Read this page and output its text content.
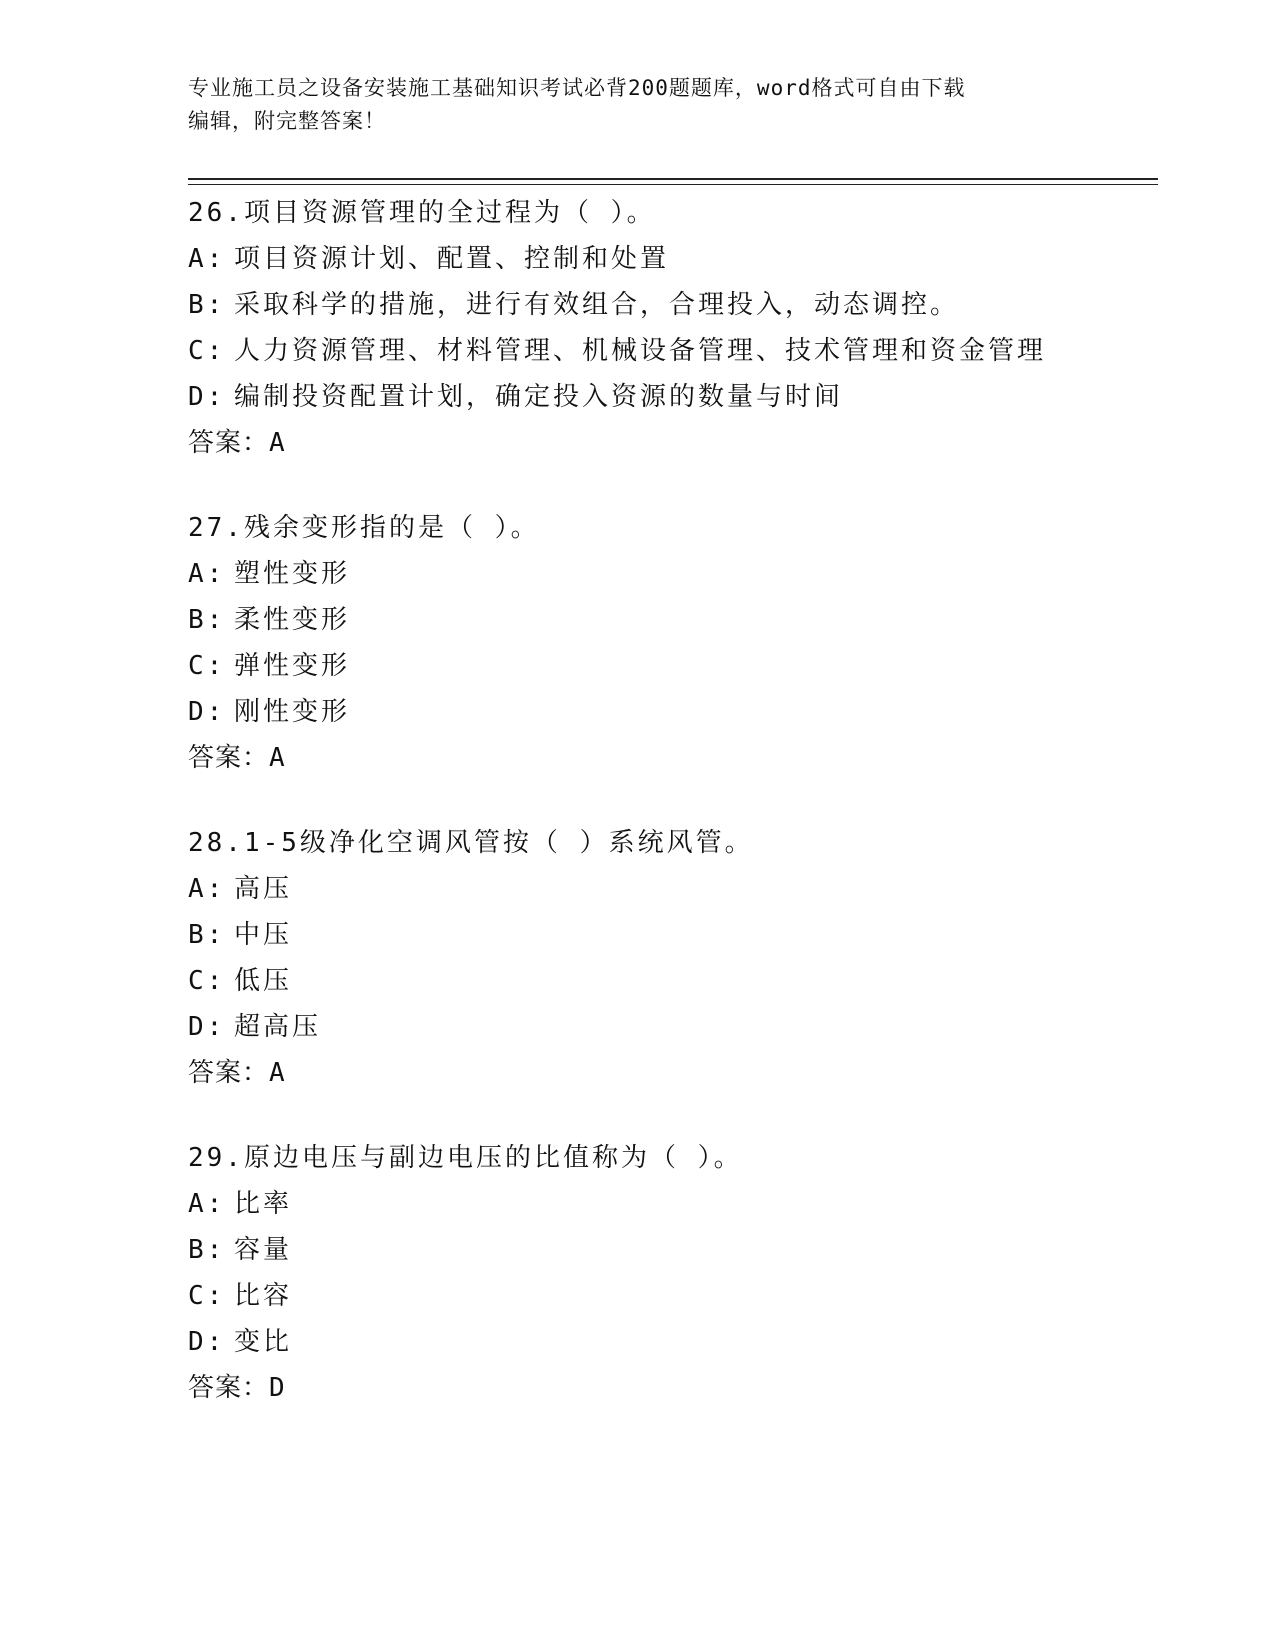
专业施工员之设备安装施工基础知识考试必背200题题库，word格式可自由下载
编辑，附完整答案！
26.项目资源管理的全过程为（ ）。
A: 项目资源计划、配置、控制和处置
B: 采取科学的措施，进行有效组合，合理投入，动态调控。
C: 人力资源管理、材料管理、机械设备管理、技术管理和资金管理
D: 编制投资配置计划，确定投入资源的数量与时间
答案：A
27.残余变形指的是（ ）。
A: 塑性变形
B: 柔性变形
C: 弹性变形
D: 刚性变形
答案：A
28.1-5级净化空调风管按（ ）系统风管。
A: 高压
B: 中压
C: 低压
D: 超高压
答案：A
29.原边电压与副边电压的比值称为（ ）。
A: 比率
B: 容量
C: 比容
D: 变比
答案：D
